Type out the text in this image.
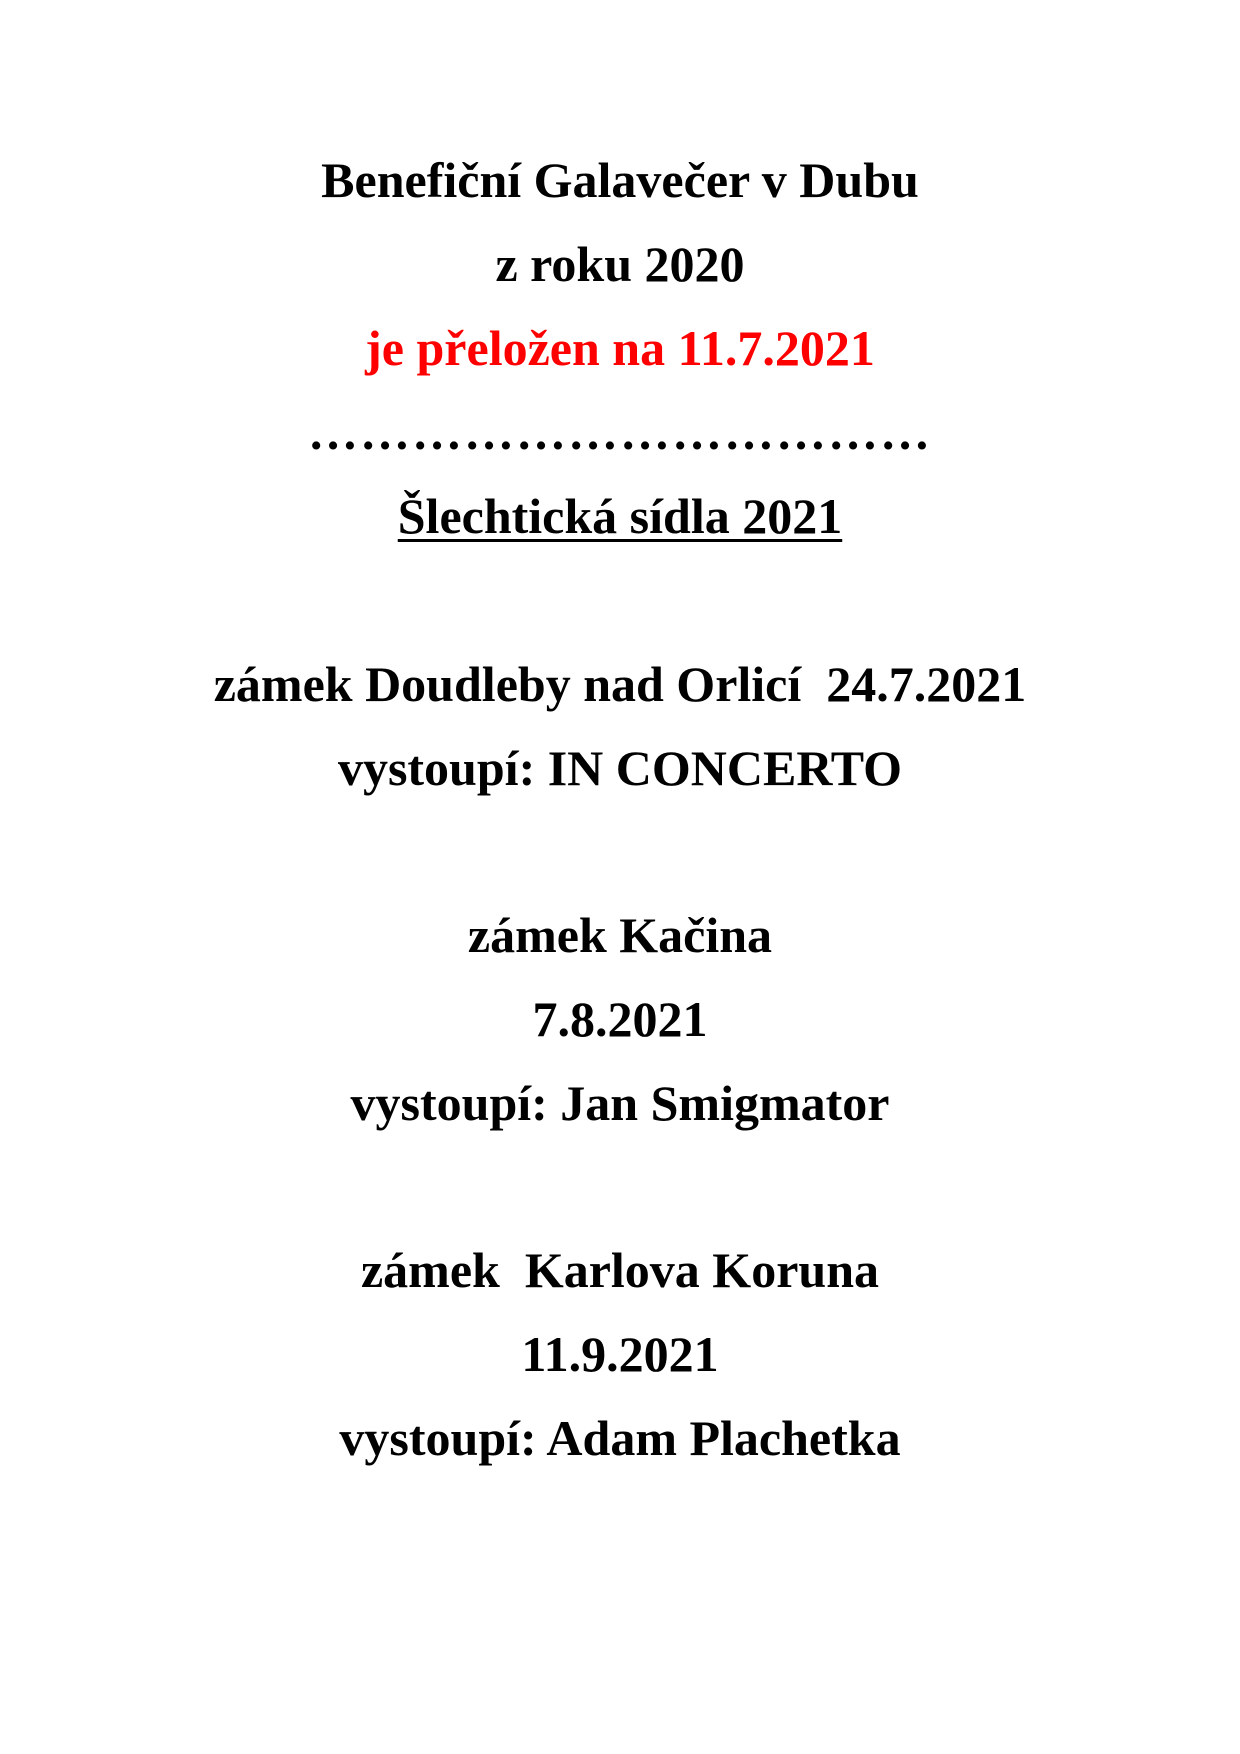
Benefiční Galavečer v Dubu
z roku 2020
je přeložen na 11.7.2021
………………………………
Šlechtická sídla 2021
zámek Doudleby nad Orlicí  24.7.2021
vystoupí: IN CONCERTO
zámek Kačina
7.8.2021
vystoupí: Jan Smigmator
zámek  Karlova Koruna
11.9.2021
vystoupí: Adam Plachetka
